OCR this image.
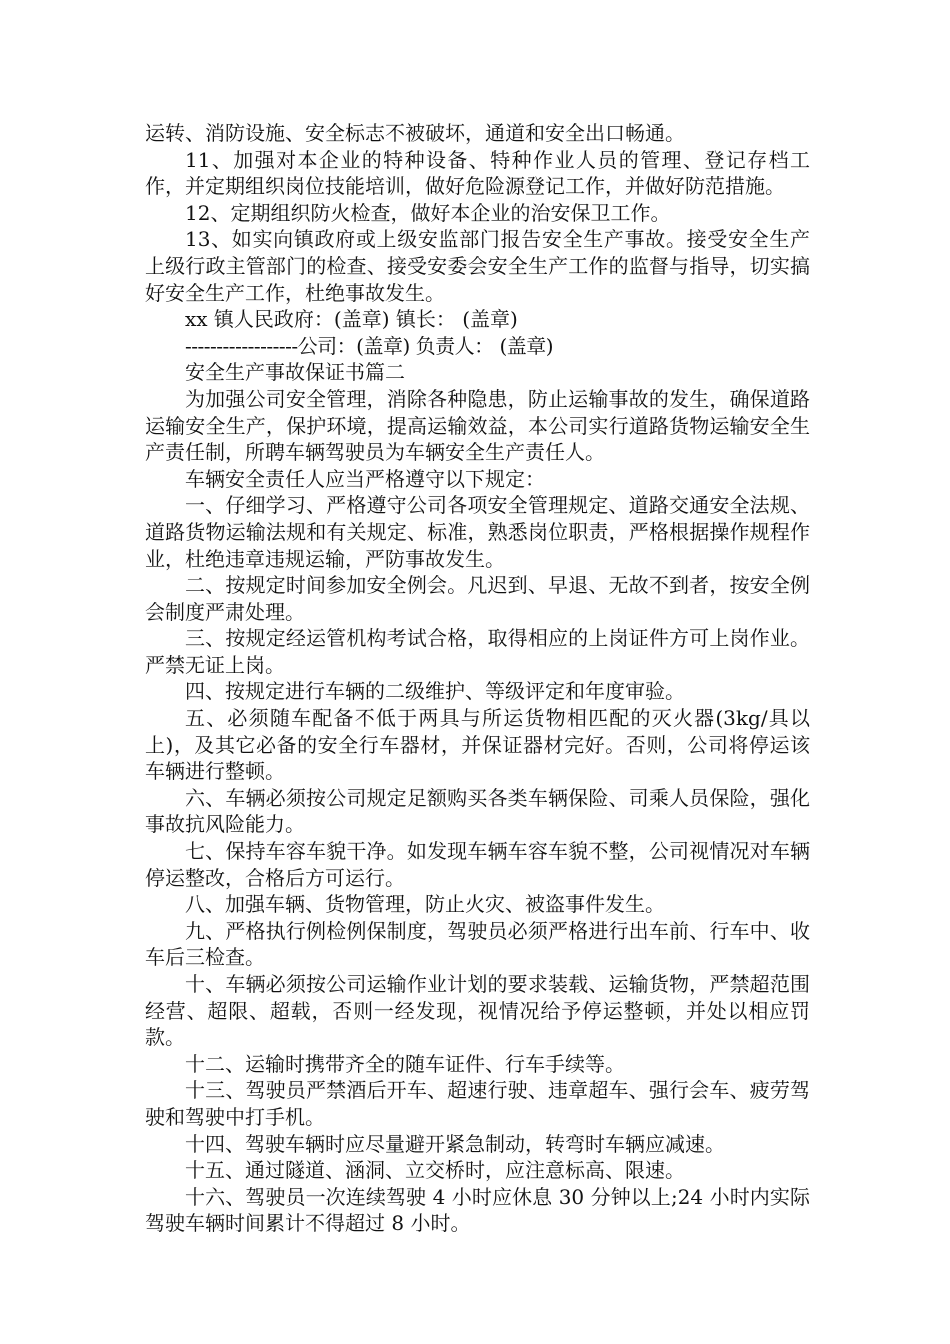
运转、消防设施、安全标志不被破坏，通道和安全出口畅通。

11、加强对本企业的特种设备、特种作业人员的管理、登记存档工作，并定期组织岗位技能培训，做好危险源登记工作，并做好防范措施。

12、定期组织防火检查，做好本企业的治安保卫工作。

13、如实向镇政府或上级安监部门报告安全生产事故。接受安全生产上级行政主管部门的检查、接受安委会安全生产工作的监督与指导，切实搞好安全生产工作，杜绝事故发生。

xx 镇人民政府：(盖章) 镇长： (盖章)

------------------公司：(盖章) 负责人： (盖章)

安全生产事故保证书篇二

为加强公司安全管理，消除各种隐患，防止运输事故的发生，确保道路运输安全生产，保护环境，提高运输效益，本公司实行道路货物运输安全生产责任制，所聘车辆驾驶员为车辆安全生产责任人。

车辆安全责任人应当严格遵守以下规定：

一、仔细学习、严格遵守公司各项安全管理规定、道路交通安全法规、道路货物运输法规和有关规定、标准，熟悉岗位职责，严格根据操作规程作业，杜绝违章违规运输，严防事故发生。

二、按规定时间参加安全例会。凡迟到、早退、无故不到者，按安全例会制度严肃处理。

三、按规定经运管机构考试合格，取得相应的上岗证件方可上岗作业。严禁无证上岗。

四、按规定进行车辆的二级维护、等级评定和年度审验。

五、必须随车配备不低于两具与所运货物相匹配的灭火器(3kg/具以上)，及其它必备的安全行车器材，并保证器材完好。否则，公司将停运该车辆进行整顿。

六、车辆必须按公司规定足额购买各类车辆保险、司乘人员保险，强化事故抗风险能力。

七、保持车容车貌干净。如发现车辆车容车貌不整，公司视情况对车辆停运整改，合格后方可运行。

八、加强车辆、货物管理，防止火灾、被盗事件发生。

九、严格执行例检例保制度，驾驶员必须严格进行出车前、行车中、收车后三检查。

十、车辆必须按公司运输作业计划的要求装载、运输货物，严禁超范围经营、超限、超载，否则一经发现，视情况给予停运整顿，并处以相应罚款。

十二、运输时携带齐全的随车证件、行车手续等。

十三、驾驶员严禁酒后开车、超速行驶、违章超车、强行会车、疲劳驾驶和驾驶中打手机。

十四、驾驶车辆时应尽量避开紧急制动，转弯时车辆应减速。

十五、通过隧道、涵洞、立交桥时，应注意标高、限速。

十六、驾驶员一次连续驾驶 4 小时应休息 30 分钟以上;24 小时内实际驾驶车辆时间累计不得超过 8 小时。
